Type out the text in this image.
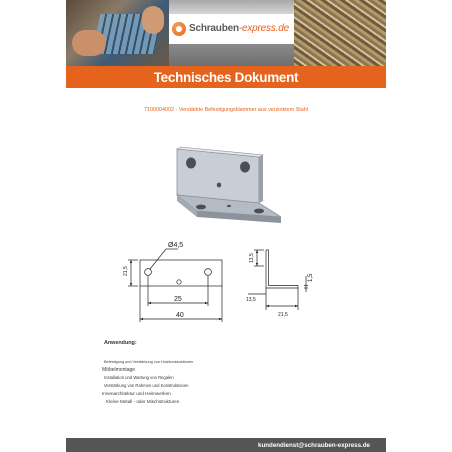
Schrauben-express.de
Technisches Dokument
7100004002 - Verstärkte Befestigungsklammer aus verzinktem Stahl
Ø4,5
21,5
25
40
13,5
1,5
13,5
21,5
Anwendung:
Befestigung und Verstärkung von Holzkonstruktionen
Möbelmontage
Installation und Wartung von Regalen
Verstärkung von Rahmen und Konstruktionen
Innenarchitektur und Heimwerken
Kleine Metall - oder Mischstrukturen
kundendienst@schrauben-express.de
